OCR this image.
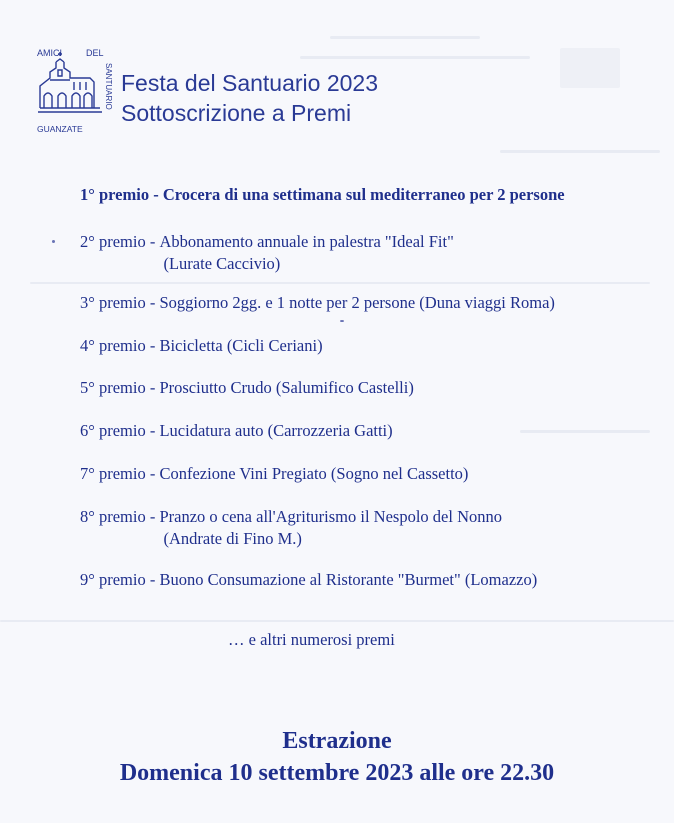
AMICI	DEL
SANTUARIO
GUANZATE
Festa del Santuario 2023
Sottoscrizione a Premi
1° premio - Crocera di una settimana sul mediterraneo per 2 persone
2° premio - Abbonamento annuale in palestra "Ideal Fit"
(Lurate Caccivio)
3° premio - Soggiorno 2gg. e 1 notte per 2 persone (Duna viaggi Roma)
4° premio - Bicicletta (Cicli Ceriani)
5° premio - Prosciutto Crudo (Salumifico Castelli)
6° premio - Lucidatura auto (Carrozzeria Gatti)
7° premio - Confezione Vini Pregiato (Sogno nel Cassetto)
8° premio - Pranzo o cena all'Agriturismo il Nespolo del Nonno
(Andrate di Fino M.)
9° premio - Buono Consumazione al Ristorante "Burmet" (Lomazzo)
… e altri numerosi premi
Estrazione
Domenica 10 settembre 2023 alle ore 22.30
